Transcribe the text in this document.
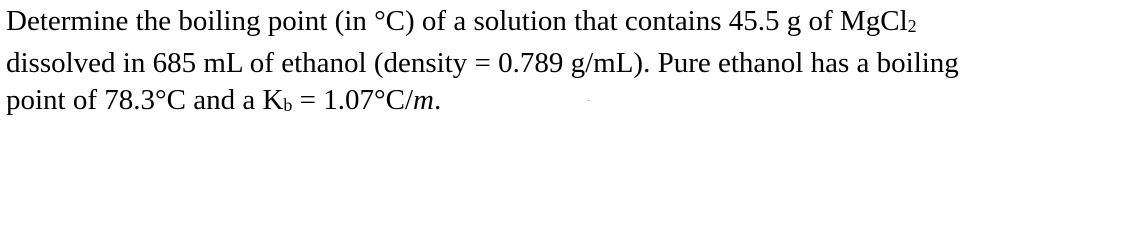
Determine the boiling point (in °C) of a solution that contains 45.5 g of MgCl2
dissolved in 685 mL of ethanol (density = 0.789 g/mL). Pure ethanol has a boiling
point of 78.3°C and a Kb = 1.07°C/m.
